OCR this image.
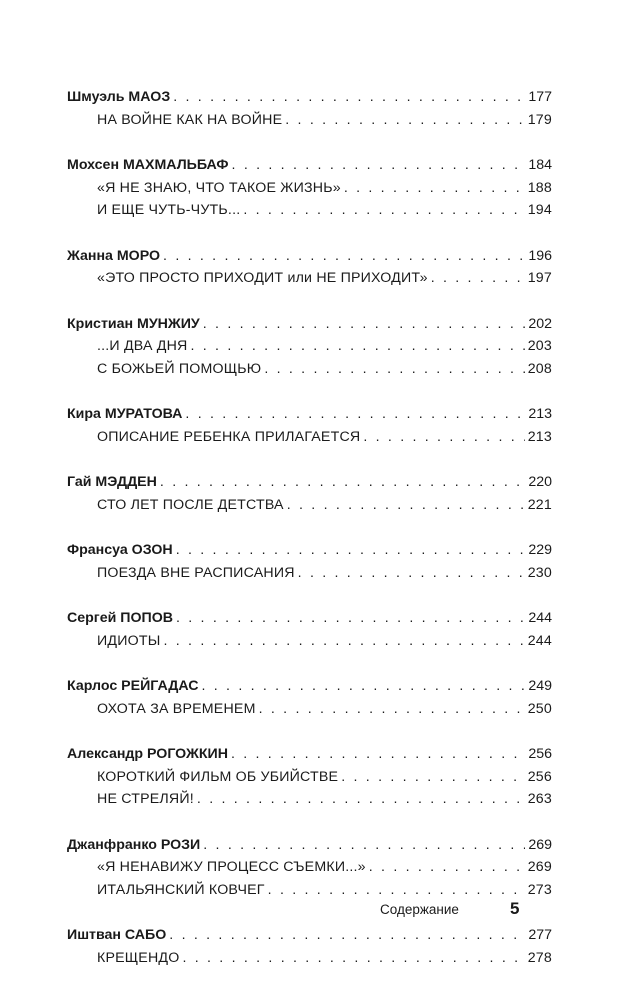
Шмуэль МАОЗ . . .	177
НА ВОЙНЕ КАК НА ВОЙНЕ . . .	179
Мохсен МАХМАЛЬБАФ . . .	184
«Я НЕ ЗНАЮ, ЧТО ТАКОЕ ЖИЗНЬ» . . .	188
И ЕЩЕ ЧУТЬ-ЧУТЬ... . . .	194
Жанна МОРО . . .	196
«ЭТО ПРОСТО ПРИХОДИТ или НЕ ПРИХОДИТ» . . .	197
Кристиан МУНЖИУ . . .	202
...И ДВА ДНЯ . . .	203
С БОЖЬЕЙ ПОМОЩЬЮ . . .	208
Кира МУРАТОВА . . .	213
ОПИСАНИЕ РЕБЕНКА ПРИЛАГАЕТСЯ . . .	213
Гай МЭДДЕН . . .	220
СТО ЛЕТ ПОСЛЕ ДЕТСТВА . . .	221
Франсуа ОЗОН . . .	229
ПОЕЗДА ВНЕ РАСПИСАНИЯ . . .	230
Сергей ПОПОВ . . .	244
ИДИОТЫ . . .	244
Карлос РЕЙГАДАС . . .	249
ОХОТА ЗА ВРЕМЕНЕМ . . .	250
Александр РОГОЖКИН . . .	256
КОРОТКИЙ ФИЛЬМ ОБ УБИЙСТВЕ . . .	256
НЕ СТРЕЛЯЙ! . . .	263
Джанфранко РОЗИ . . .	269
«Я НЕНАВИЖУ ПРОЦЕСС СЪЕМКИ...» . . .	269
ИТАЛЬЯНСКИЙ КОВЧЕГ . . .	273
Иштван САБО . . .	277
КРЕЩЕНДО . . .	278
Содержание	5
